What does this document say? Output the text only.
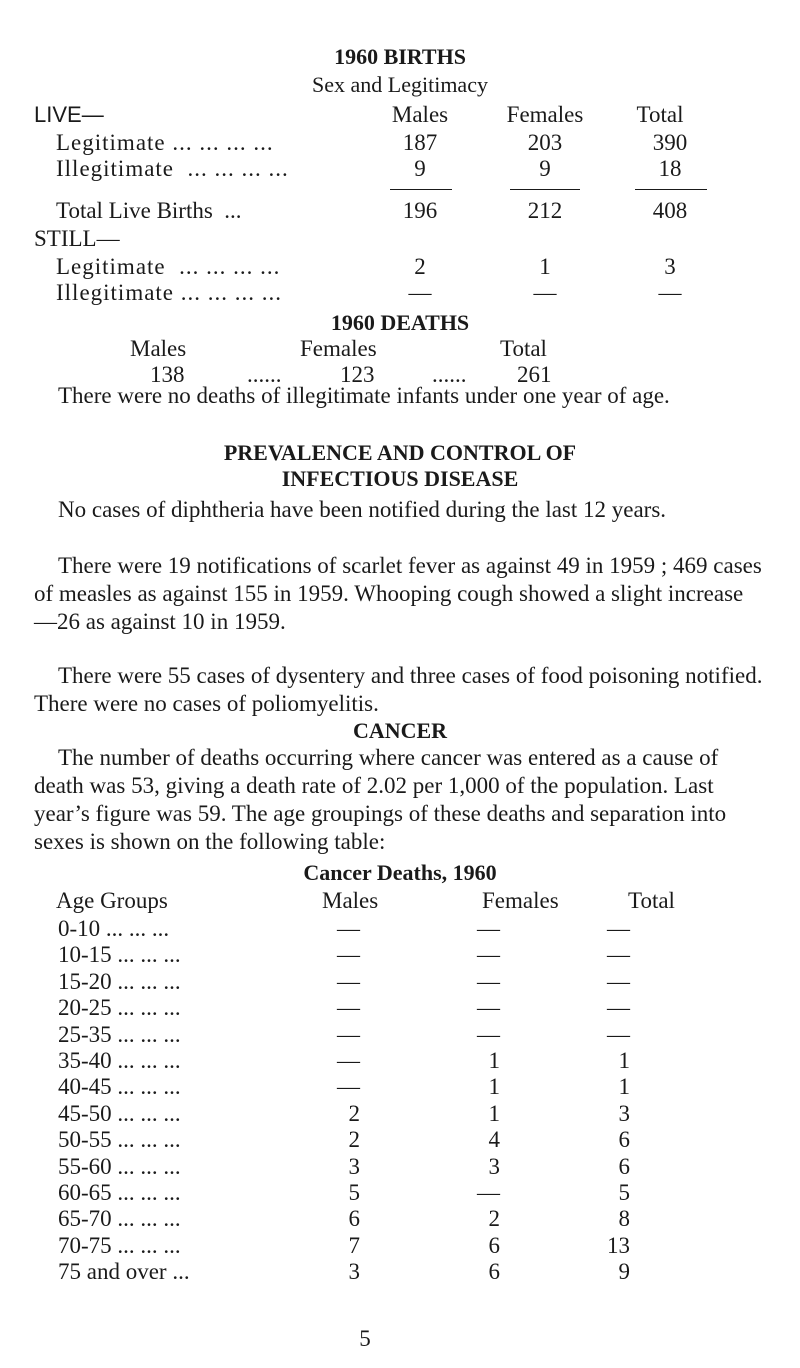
1960 BIRTHS
Sex and Legitimacy
LIVE—	Males	Females	Total
Legitimate ... ... ... ...	187	203	390
Illegitimate  ... ... ... ...	9	9	18
Total Live Births  ...	196	212	408
STILL—
Legitimate  ... ... ... ...	2	1	3
Illegitimate ... ... ... ...	—	—	—
1960 DEATHS
Males	Females	Total
138	......	123	...... 261
There were no deaths of illegitimate infants under one year of age.
PREVALENCE AND CONTROL OF
INFECTIOUS DISEASE
No cases of diphtheria have been notified during the last 12 years.
There were 19 notifications of scarlet fever as against 49 in 1959 ; 469 cases of measles as against 155 in 1959. Whooping cough showed a slight increase—26 as against 10 in 1959.
There were 55 cases of dysentery and three cases of food poisoning notified. There were no cases of poliomyelitis.
CANCER
The number of deaths occurring where cancer was entered as a cause of death was 53, giving a death rate of 2.02 per 1,000 of the population. Last year’s figure was 59. The age groupings of these deaths and separation into sexes is shown on the following table:
Cancer Deaths, 1960
Age Groups	Males	Females	Total
0-10 ... ... ...	—	—	—
10-15 ... ... ...	—	—	—
15-20 ... ... ...	—	—	—
20-25 ... ... ...	—	—	—
25-35 ... ... ...	—	—	—
35-40 ... ... ...	—	1	1
40-45 ... ... ...	—	1	1
45-50 ... ... ...	2	1	3
50-55 ... ... ...	2	4	6
55-60 ... ... ...	3	3	6
60-65 ... ... ...	5	—	5
65-70 ... ... ...	6	2	8
70-75 ... ... ...	7	6	13
75 and over ...	3	6	9
5
